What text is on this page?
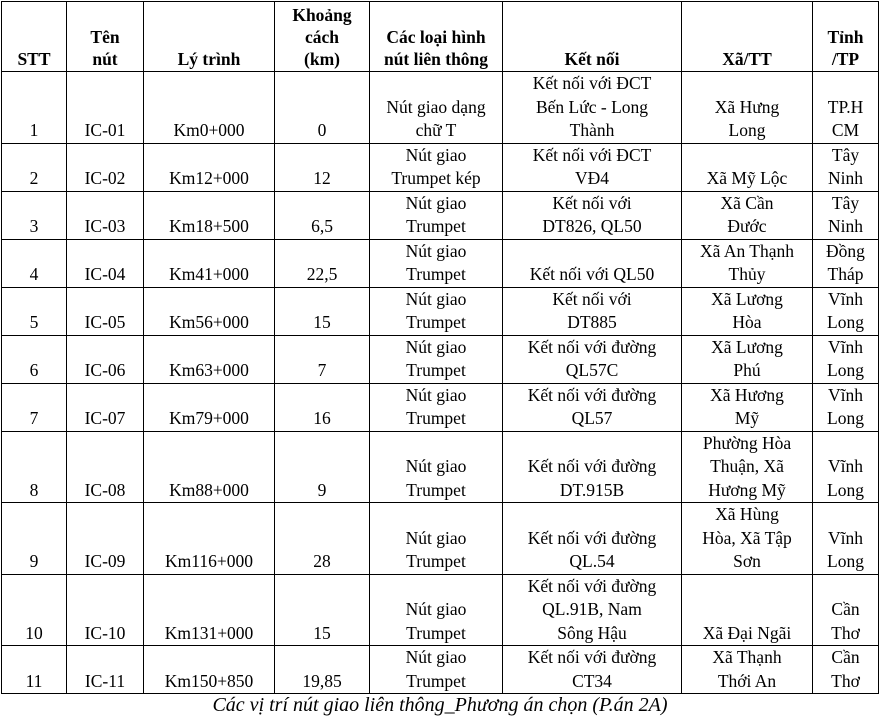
STT	Tên
nút	Lý trình	Khoảng
cách
(km)	Các loại hình
nút liên thông	Kết nối	Xã/TT	Tỉnh
/TP

1	IC-01	Km0+000	0	Nút giao dạng
chữ T	Kết nối với ĐCT
Bến Lức - Long
Thành	Xã Hưng
Long	TP.H
CM

2	IC-02	Km12+000	12	Nút giao
Trumpet kép	Kết nối với ĐCT
VĐ4	Xã Mỹ Lộc	Tây
Ninh

3	IC-03	Km18+500	6,5	Nút giao
Trumpet	Kết nối với
DT826, QL50	Xã Cần
Đước	Tây
Ninh

4	IC-04	Km41+000	22,5	Nút giao
Trumpet	Kết nối với QL50	Xã An Thạnh
Thủy	Đồng
Tháp

5	IC-05	Km56+000	15	Nút giao
Trumpet	Kết nối với
DT885	Xã Lương
Hòa	Vĩnh
Long

6	IC-06	Km63+000	7	Nút giao
Trumpet	Kết nối với đường
QL57C	Xã Lương
Phú	Vĩnh
Long

7	IC-07	Km79+000	16	Nút giao
Trumpet	Kết nối với đường
QL57	Xã Hương
Mỹ	Vĩnh
Long

8	IC-08	Km88+000	9	Nút giao
Trumpet	Kết nối với đường
DT.915B	Phường Hòa
Thuận, Xã
Hương Mỹ	Vĩnh
Long

9	IC-09	Km116+000	28	Nút giao
Trumpet	Kết nối với đường
QL.54	Xã Hùng
Hòa, Xã Tập
Sơn	Vĩnh
Long

10	IC-10	Km131+000	15	Nút giao
Trumpet	Kết nối với đường
QL.91B, Nam
Sông Hậu	Xã Đại Ngãi	Cần
Thơ

11	IC-11	Km150+850	19,85	Nút giao
Trumpet	Kết nối với đường
CT34	Xã Thạnh
Thới An	Cần
Thơ
Các vị trí nút giao liên thông_Phương án chọn (P.án 2A)
